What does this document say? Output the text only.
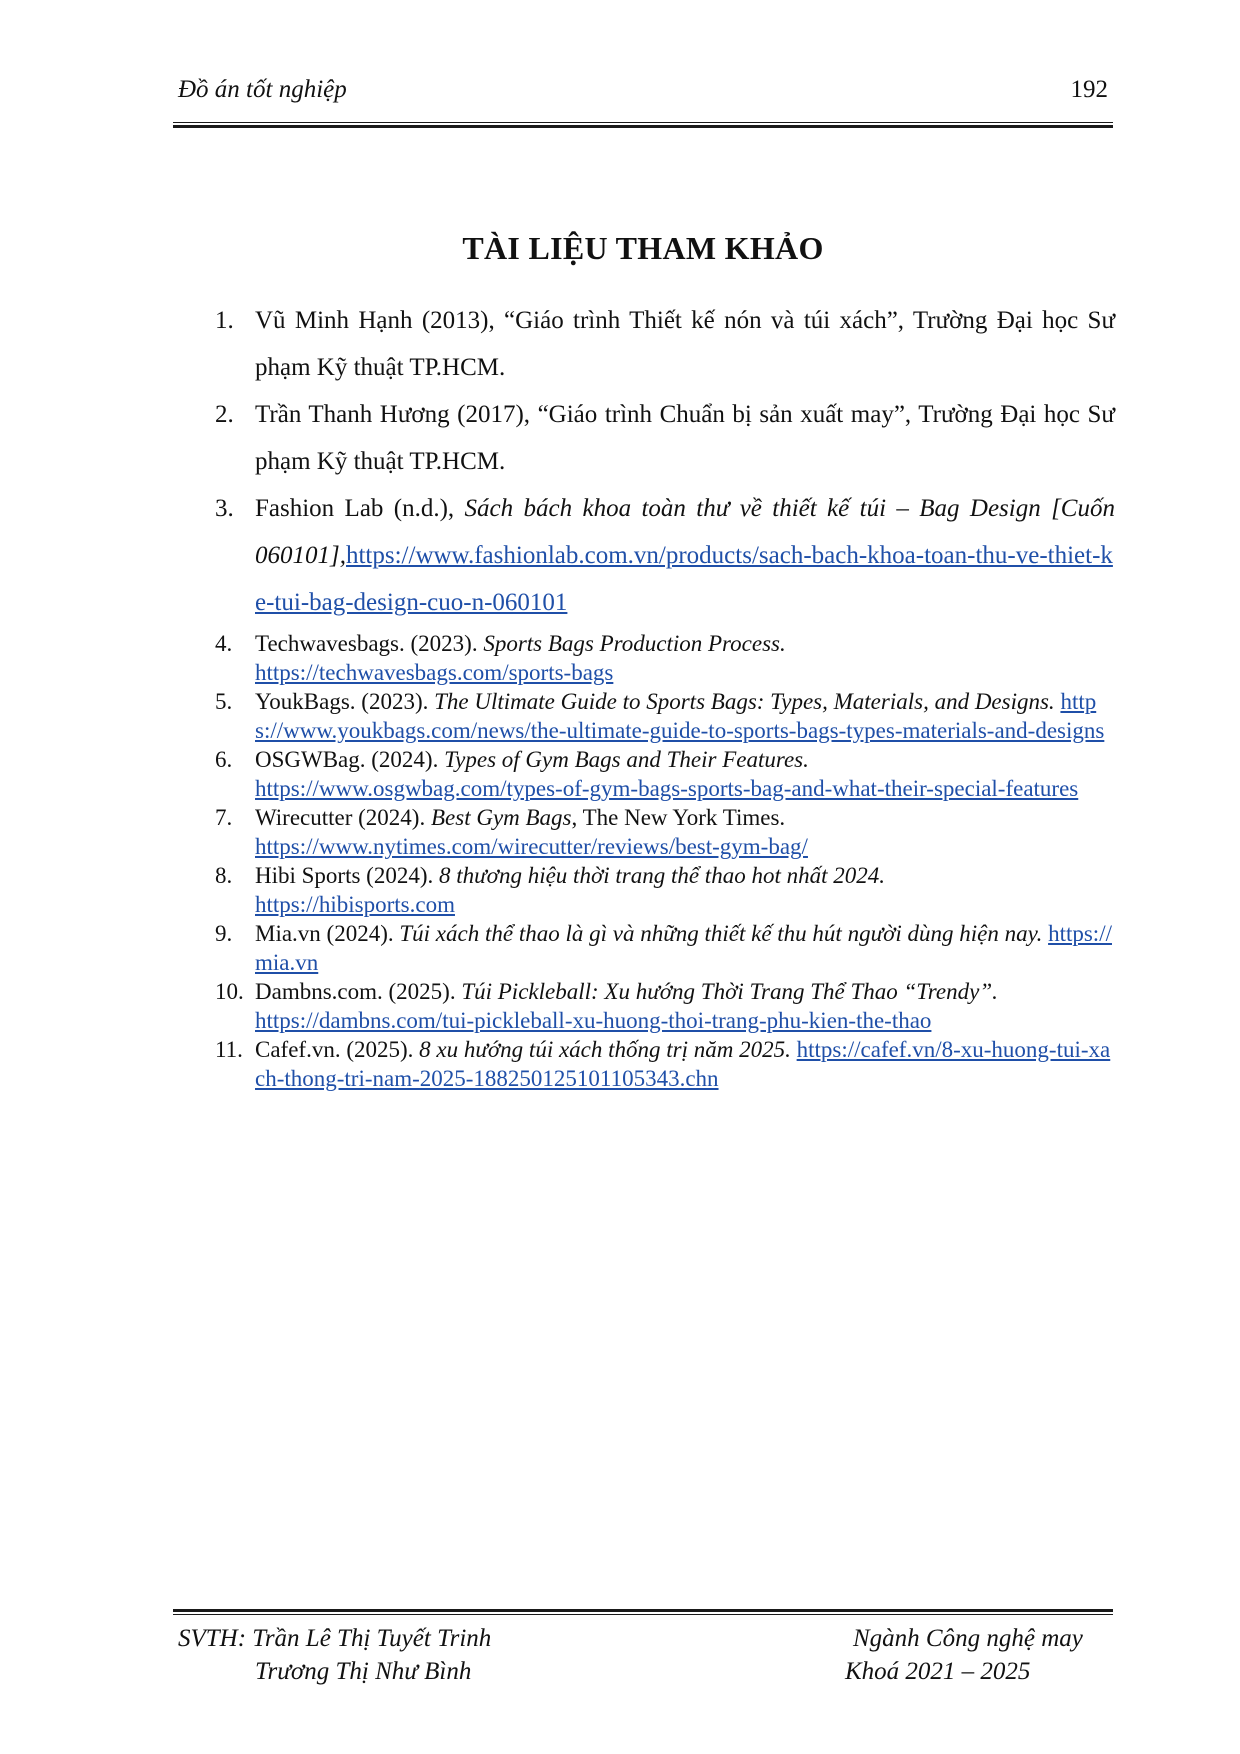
Đồ án tốt nghiệp	192
TÀI LIỆU THAM KHẢO
1. Vũ Minh Hạnh (2013), “Giáo trình Thiết kế nón và túi xách”, Trường Đại học Sư phạm Kỹ thuật TP.HCM.
2. Trần Thanh Hương (2017), “Giáo trình Chuẩn bị sản xuất may”, Trường Đại học Sư phạm Kỹ thuật TP.HCM.
3. Fashion Lab (n.d.), Sách bách khoa toàn thư về thiết kế túi – Bag Design [Cuốn 060101],https://www.fashionlab.com.vn/products/sach-bach-khoa-toan-thu-ve-thiet-ke-tui-bag-design-cuo-n-060101
4. Techwavesbags. (2023). Sports Bags Production Process.
https://techwavesbags.com/sports-bags
5. YoukBags. (2023). The Ultimate Guide to Sports Bags: Types, Materials, and Designs. https://www.youkbags.com/news/the-ultimate-guide-to-sports-bags-types-materials-and-designs
6. OSGWBag. (2024). Types of Gym Bags and Their Features.
https://www.osgwbag.com/types-of-gym-bags-sports-bag-and-what-their-special-features
7. Wirecutter (2024). Best Gym Bags, The New York Times.
https://www.nytimes.com/wirecutter/reviews/best-gym-bag/
8. Hibi Sports (2024). 8 thương hiệu thời trang thể thao hot nhất 2024.
https://hibisports.com
9. Mia.vn (2024). Túi xách thể thao là gì và những thiết kế thu hút người dùng hiện nay. https://mia.vn
10. Dambns.com. (2025). Túi Pickleball: Xu hướng Thời Trang Thể Thao “Trendy”.
https://dambns.com/tui-pickleball-xu-huong-thoi-trang-phu-kien-the-thao
11. Cafef.vn. (2025). 8 xu hướng túi xách thống trị năm 2025. https://cafef.vn/8-xu-huong-tui-xach-thong-tri-nam-2025-188250125101105343.chn
SVTH: Trần Lê Thị Tuyết Trinh
Trương Thị Như Bình
Ngành Công nghệ may
Khoá 2021 – 2025
